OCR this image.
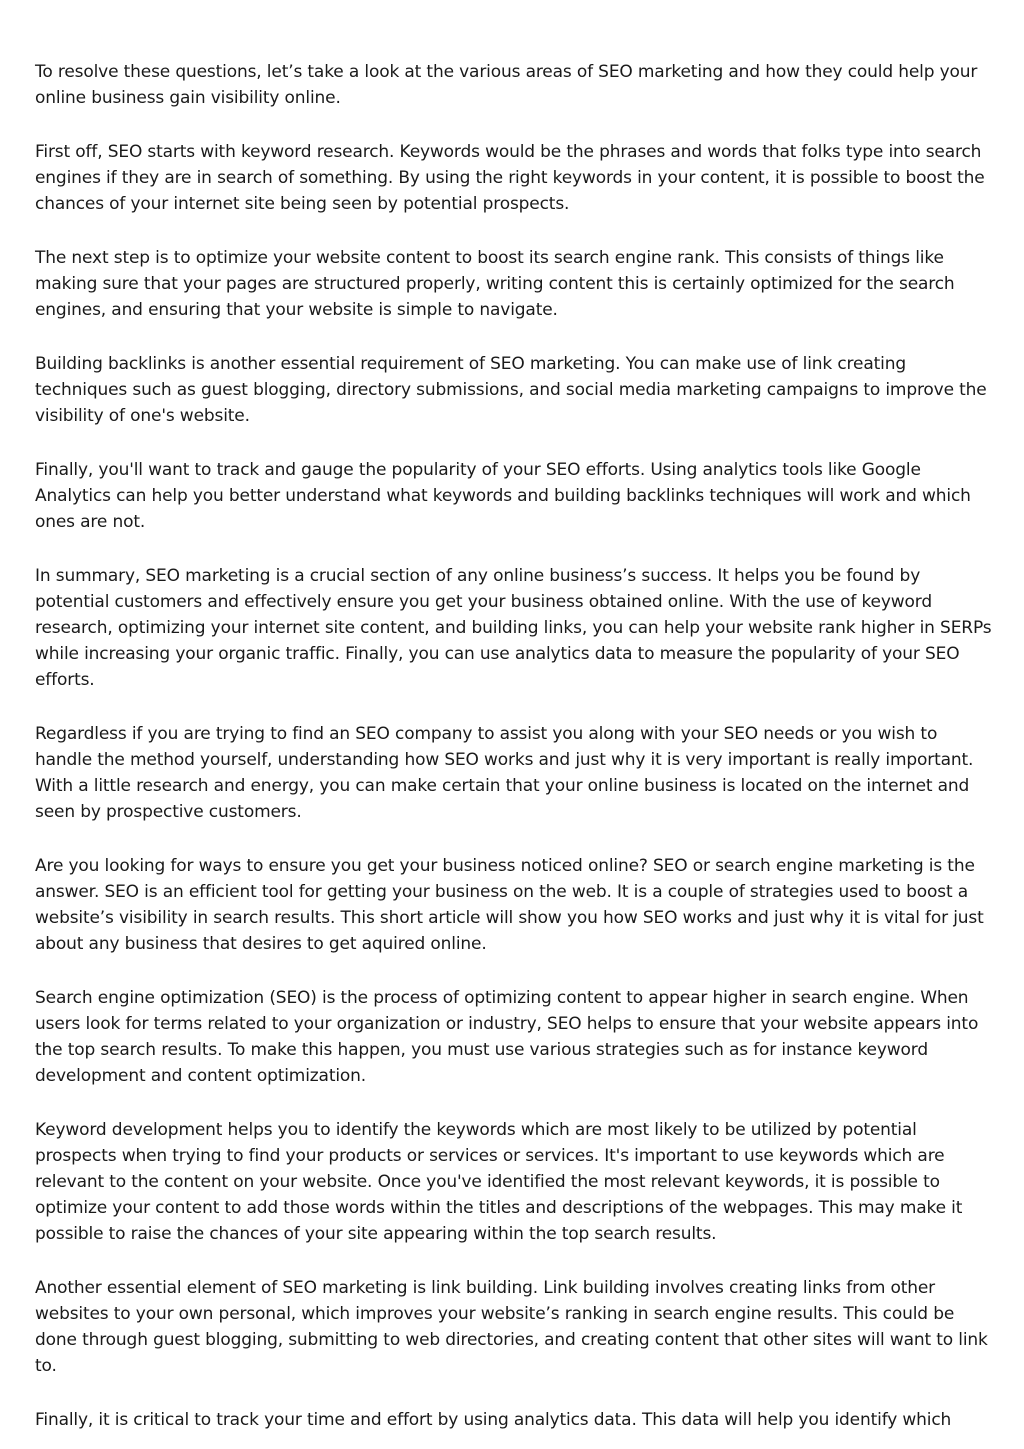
To resolve these questions, let’s take a look at the various areas of SEO marketing and how they could help your online business gain visibility online.

First off, SEO starts with keyword research. Keywords would be the phrases and words that folks type into search engines if they are in search of something. By using the right keywords in your content, it is possible to boost the chances of your internet site being seen by potential prospects.

The next step is to optimize your website content to boost its search engine rank. This consists of things like making sure that your pages are structured properly, writing content this is certainly optimized for the search engines, and ensuring that your website is simple to navigate.

Building backlinks is another essential requirement of SEO marketing. You can make use of link creating techniques such as guest blogging, directory submissions, and social media marketing campaigns to improve the visibility of one's website.

Finally, you'll want to track and gauge the popularity of your SEO efforts. Using analytics tools like Google Analytics can help you better understand what keywords and building backlinks techniques will work and which ones are not.

In summary, SEO marketing is a crucial section of any online business’s success. It helps you be found by potential customers and effectively ensure you get your business obtained online. With the use of keyword research, optimizing your internet site content, and building links, you can help your website rank higher in SERPs while increasing your organic traffic. Finally, you can use analytics data to measure the popularity of your SEO efforts.

Regardless if you are trying to find an SEO company to assist you along with your SEO needs or you wish to handle the method yourself, understanding how SEO works and just why it is very important is really important. With a little research and energy, you can make certain that your online business is located on the internet and seen by prospective customers.

Are you looking for ways to ensure you get your business noticed online? SEO or search engine marketing is the answer. SEO is an efficient tool for getting your business on the web. It is a couple of strategies used to boost a website’s visibility in search results. This short article will show you how SEO works and just why it is vital for just about any business that desires to get aquired online.

Search engine optimization (SEO) is the process of optimizing content to appear higher in search engine. When users look for terms related to your organization or industry, SEO helps to ensure that your website appears into the top search results. To make this happen, you must use various strategies such as for instance keyword development and content optimization.

Keyword development helps you to identify the keywords which are most likely to be utilized by potential prospects when trying to find your products or services or services. It's important to use keywords which are relevant to the content on your website. Once you've identified the most relevant keywords, it is possible to optimize your content to add those words within the titles and descriptions of the webpages. This may make it possible to raise the chances of your site appearing within the top search results.

Another essential element of SEO marketing is link building. Link building involves creating links from other websites to your own personal, which improves your website’s ranking in search engine results. This could be done through guest blogging, submitting to web directories, and creating content that other sites will want to link to.

Finally, it is critical to track your time and effort by using analytics data. This data will help you identify which
